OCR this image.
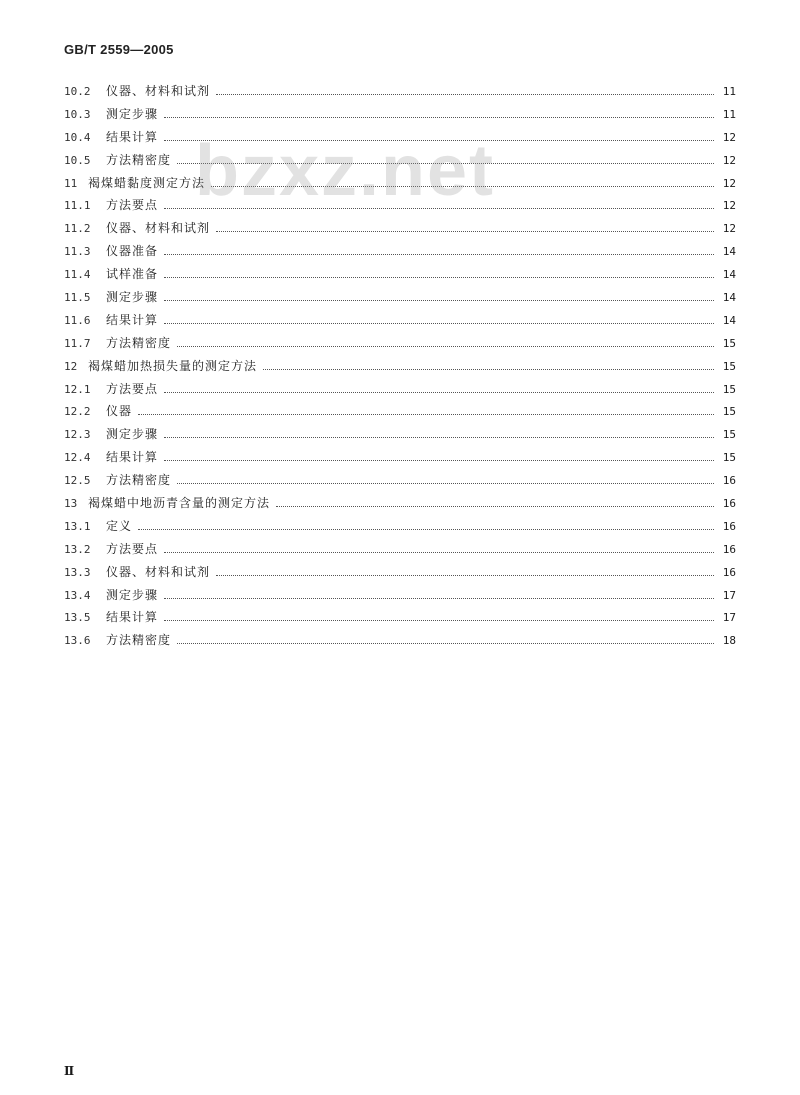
GB/T 2559—2005
bzxz.net
10.2	仪器、材料和试剂	11
10.3	测定步骤	11
10.4	结果计算	12
10.5	方法精密度	12
11 褐煤蜡黏度测定方法	12
11.1	方法要点	12
11.2	仪器、材料和试剂	12
11.3	仪器准备	14
11.4	试样准备	14
11.5	测定步骤	14
11.6	结果计算	14
11.7	方法精密度	15
12 褐煤蜡加热损失量的测定方法	15
12.1	方法要点	15
12.2	仪器	15
12.3	测定步骤	15
12.4	结果计算	15
12.5	方法精密度	16
13 褐煤蜡中地沥青含量的测定方法	16
13.1	定义	16
13.2	方法要点	16
13.3	仪器、材料和试剂	16
13.4	测定步骤	17
13.5	结果计算	17
13.6	方法精密度	18
Ⅱ
